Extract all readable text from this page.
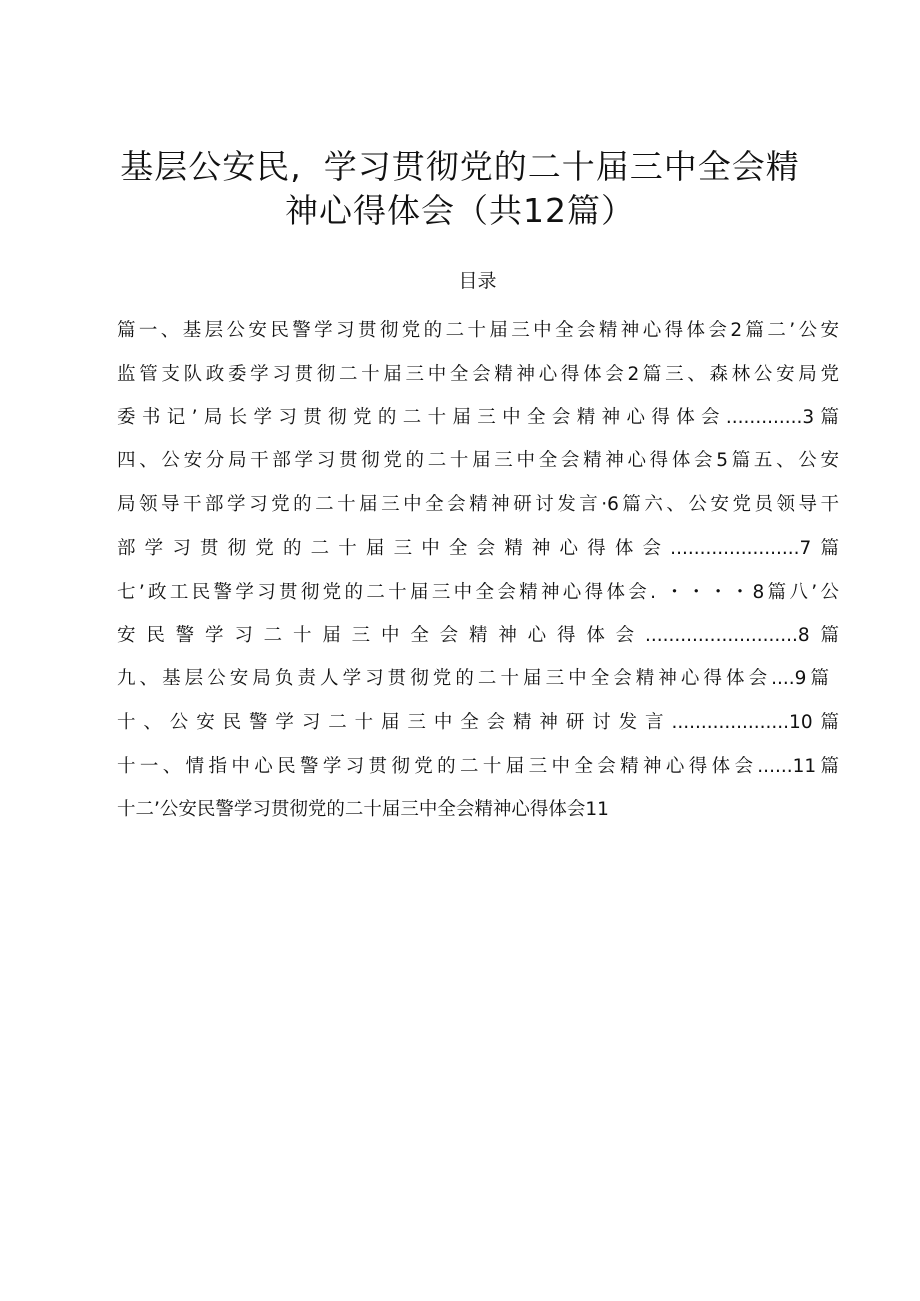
基层公安民, 学习贯彻党的二十届三中全会精
神心得体会（共12篇）
目录
篇一、基层公安民警学习贯彻党的二十届三中全会精神心得体会2篇二’公安
监管支队政委学习贯彻二十届三中全会精神心得体会2篇三、森林公安局党
委书记’局长学习贯彻党的二十届三中全会精神心得体会.............3篇
四、公安分局干部学习贯彻党的二十届三中全会精神心得体会5篇五、公安
局领导干部学习党的二十届三中全会精神研讨发言·6篇六、公安党员领导干
部学习贯彻党的二十届三中全会精神心得体会......................7篇
七’政工民警学习贯彻党的二十届三中全会精神心得体会. ・・・・8篇八’公
安民警学习二十届三中全会精神心得体会..........................8篇
九、基层公安局负责人学习贯彻党的二十届三中全会精神心得体会....9篇
十、公安民警学习二十届三中全会精神研讨发言....................10篇
十一、情指中心民警学习贯彻党的二十届三中全会精神心得体会......11篇
十二’公安民警学习贯彻党的二十届三中全会精神心得体会11
